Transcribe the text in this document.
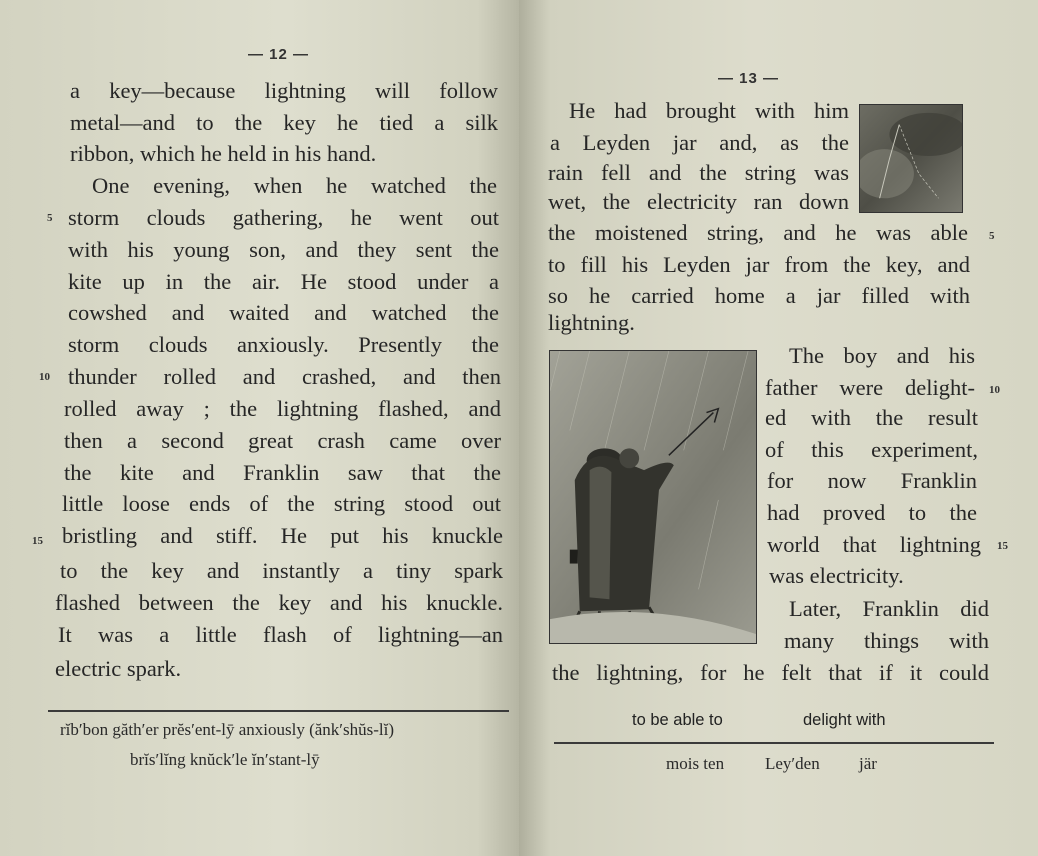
— 12 —
a key—because lightning will follow
metal—and to the key he tied a silk
ribbon, which he held in his hand.
One evening, when he watched the
storm clouds gathering, he went out
with his young son, and they sent the
kite up in the air. He stood under a
cowshed and waited and watched the
storm clouds anxiously. Presently the
thunder rolled and crashed, and then
rolled away ; the lightning flashed, and
then a second great crash came over
the kite and Franklin saw that the
little loose ends of the string stood out
bristling and stiff. He put his knuckle
to the key and instantly a tiny spark
flashed between the key and his knuckle.
It was a little flash of lightning—an
electric spark.
5
10
15
rĭb′bon găth′er prĕs′ent-lȳ anxiously (ănk′shŭs-lĭ)
brĭs′lĭng knŭck′le ĭn′stant-lȳ
— 13 —
He had brought with him
a Leyden jar and, as the
rain fell and the string was
wet, the electricity ran down
the moistened string, and he was able
to fill his Leyden jar from the key, and
so he carried home a jar filled with
lightning.
The boy and his
father were delight-
ed with the result
of this experiment,
for now Franklin
had proved to the
world that lightning
was electricity.
Later, Franklin did
many things with
the lightning, for he felt that if it could
5
10
15
to be able to	delight with
mois ten Ley′den jär
